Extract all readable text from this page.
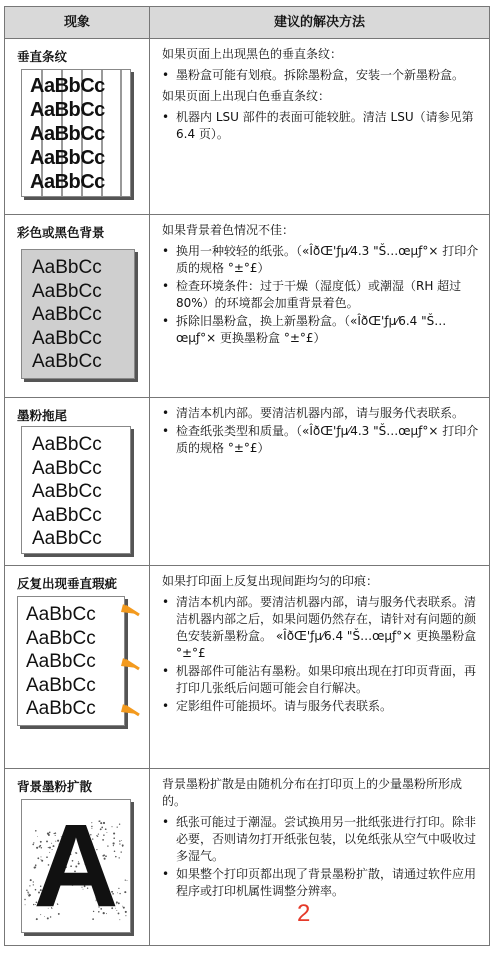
现象	建议的解决方法
垂直条纹
AaBbCc
AaBbCc
AaBbCc
AaBbCc
AaBbCc

如果页面上出现黑色的垂直条纹：

• 墨粉盒可能有划痕。拆除墨粉盒，安装一个新墨粉盒。

如果页面上出现白色垂直条纹：

• 机器内 LSU 部件的表面可能较脏。清洁 LSU（请参见第 6.4 页）。
彩色或黑色背景
AaBbCc
AaBbCc
AaBbCc
AaBbCc
AaBbCc

如果背景着色情况不佳：

• 换用一种较轻的纸张。（«ÎðŒ'ƒµ⁄4.3 "Š…œµƒ°× 打印介质的规格 °±°£）
• 检查环境条件：过于干燥（湿度低）或潮湿（RH 超过 80%）的环境都会加重背景着色。
• 拆除旧墨粉盒，换上新墨粉盒。（«ÎðŒ'ƒµ⁄6.4 "Š…œµƒ°× 更换墨粉盒 °±°£）
墨粉拖尾
AaBbCc
AaBbCc
AaBbCc
AaBbCc
AaBbCc
• 清洁本机内部。要清洁机器内部，请与服务代表联系。
• 检查纸张类型和质量。（«ÎðŒ'ƒµ⁄4.3 "Š…œµƒ°× 打印介质的规格 °±°£）
反复出现垂直瑕疵
AaBbCc
AaBbCc
AaBbCc
AaBbCc
AaBbCc

如果打印面上反复出现间距均匀的印痕：

• 清洁本机内部。要清洁机器内部，请与服务代表联系。清洁机器内部之后，如果问题仍然存在，请针对有问题的颜色安装新墨粉盒。 «ÎðŒ'ƒµ⁄6.4 "Š…œµƒ°× 更换墨粉盒 °±°£
• 机器部件可能沾有墨粉。如果印痕出现在打印页背面，再打印几张纸后问题可能会自行解决。
• 定影组件可能损坏。请与服务代表联系。
背景墨粉扩散
A

背景墨粉扩散是由随机分布在打印页上的少量墨粉所形成的。

• 纸张可能过于潮湿。尝试换用另一批纸张进行打印。除非必要，否则请勿打开纸张包装，以免纸张从空气中吸收过多湿气。
• 如果整个打印页都出现了背景墨粉扩散，请通过软件应用程序或打印机属性调整分辨率。
2
